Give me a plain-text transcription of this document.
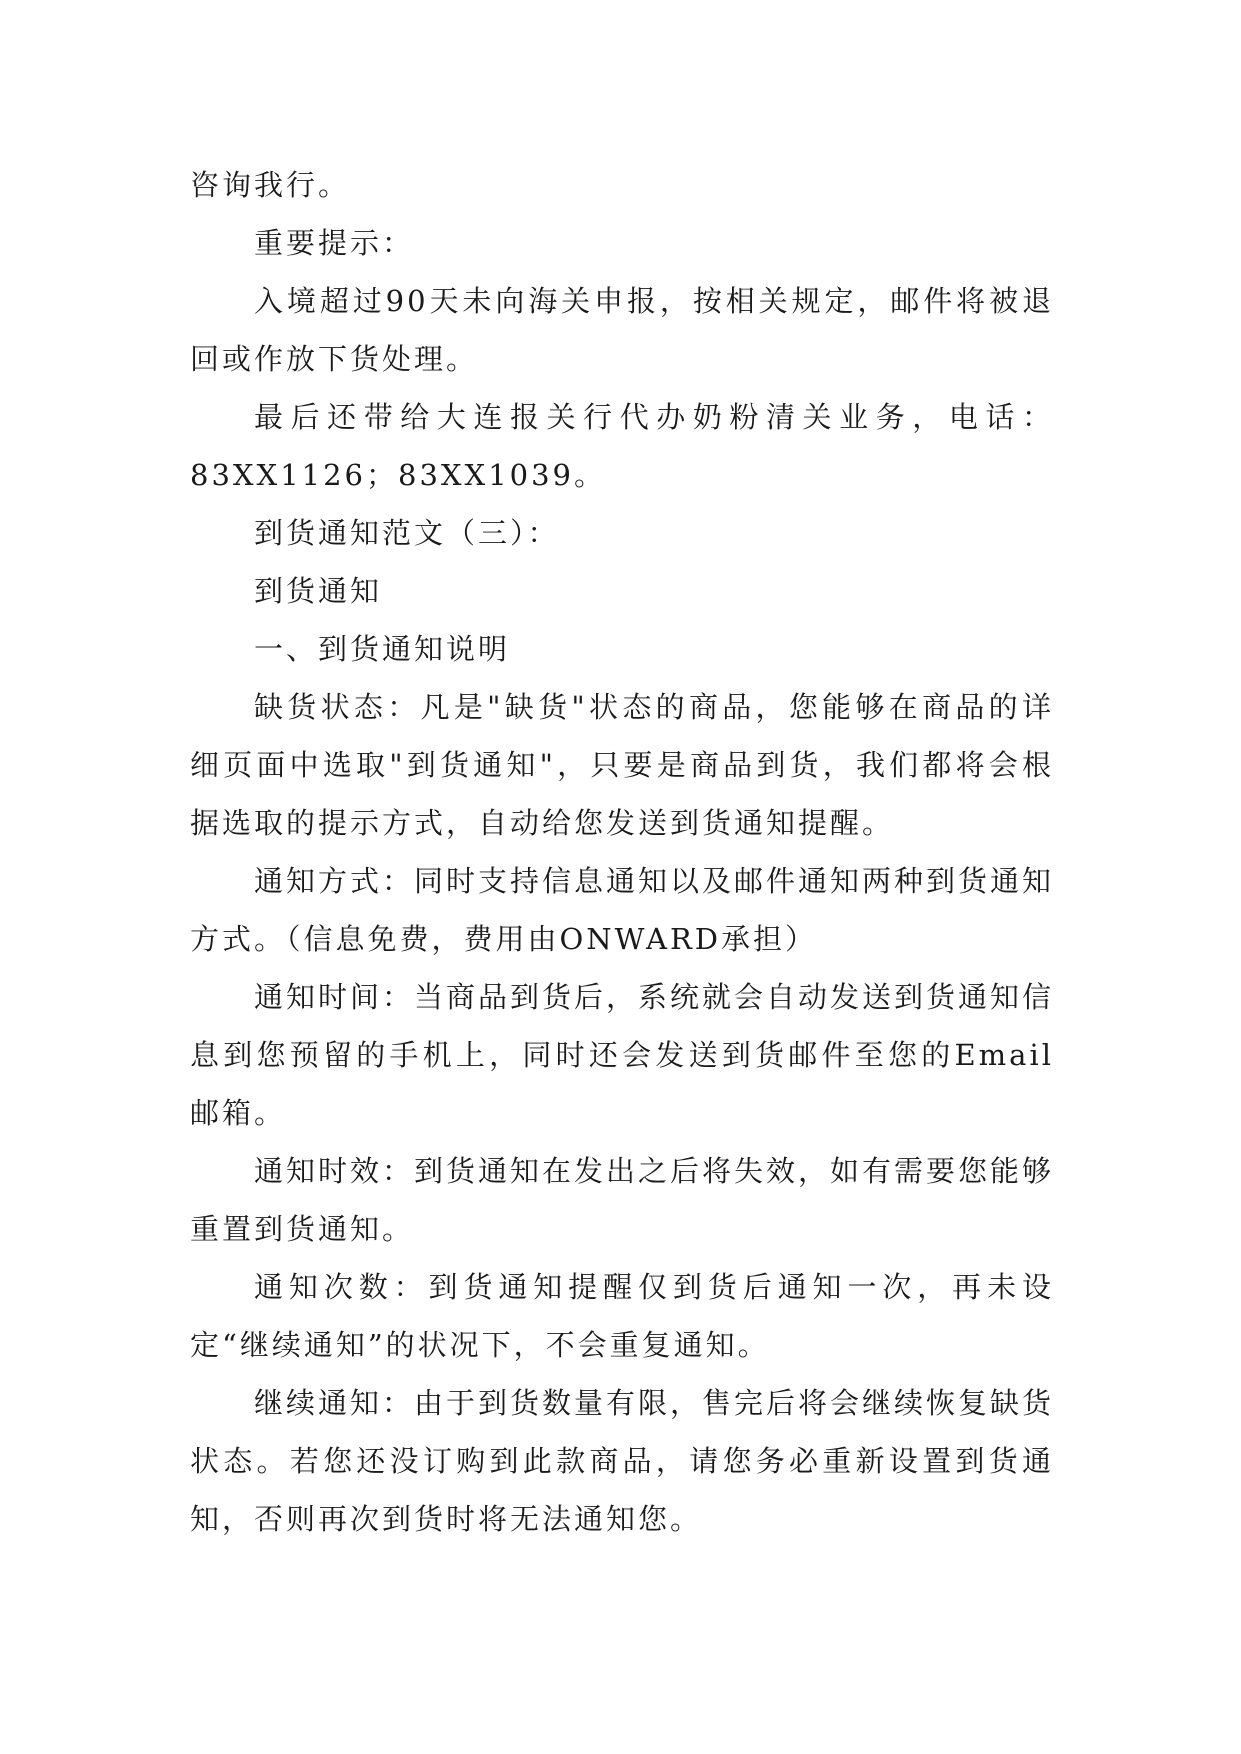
咨询我行。

重要提示：

入境超过90天未向海关申报，按相关规定，邮件将被退回或作放下货处理。

最后还带给大连报关行代办奶粉清关业务，电话：83XX1126；83XX1039。

到货通知范文（三）：

到货通知

一、到货通知说明

缺货状态：凡是"缺货"状态的商品，您能够在商品的详细页面中选取"到货通知"，只要是商品到货，我们都将会根据选取的提示方式，自动给您发送到货通知提醒。

通知方式：同时支持信息通知以及邮件通知两种到货通知方式。（信息免费，费用由ONWARD承担）

通知时间：当商品到货后，系统就会自动发送到货通知信息到您预留的手机上，同时还会发送到货邮件至您的Email邮箱。

通知时效：到货通知在发出之后将失效，如有需要您能够重置到货通知。

通知次数：到货通知提醒仅到货后通知一次，再未设定“继续通知”的状况下，不会重复通知。

继续通知：由于到货数量有限，售完后将会继续恢复缺货状态。若您还没订购到此款商品，请您务必重新设置到货通知，否则再次到货时将无法通知您。
